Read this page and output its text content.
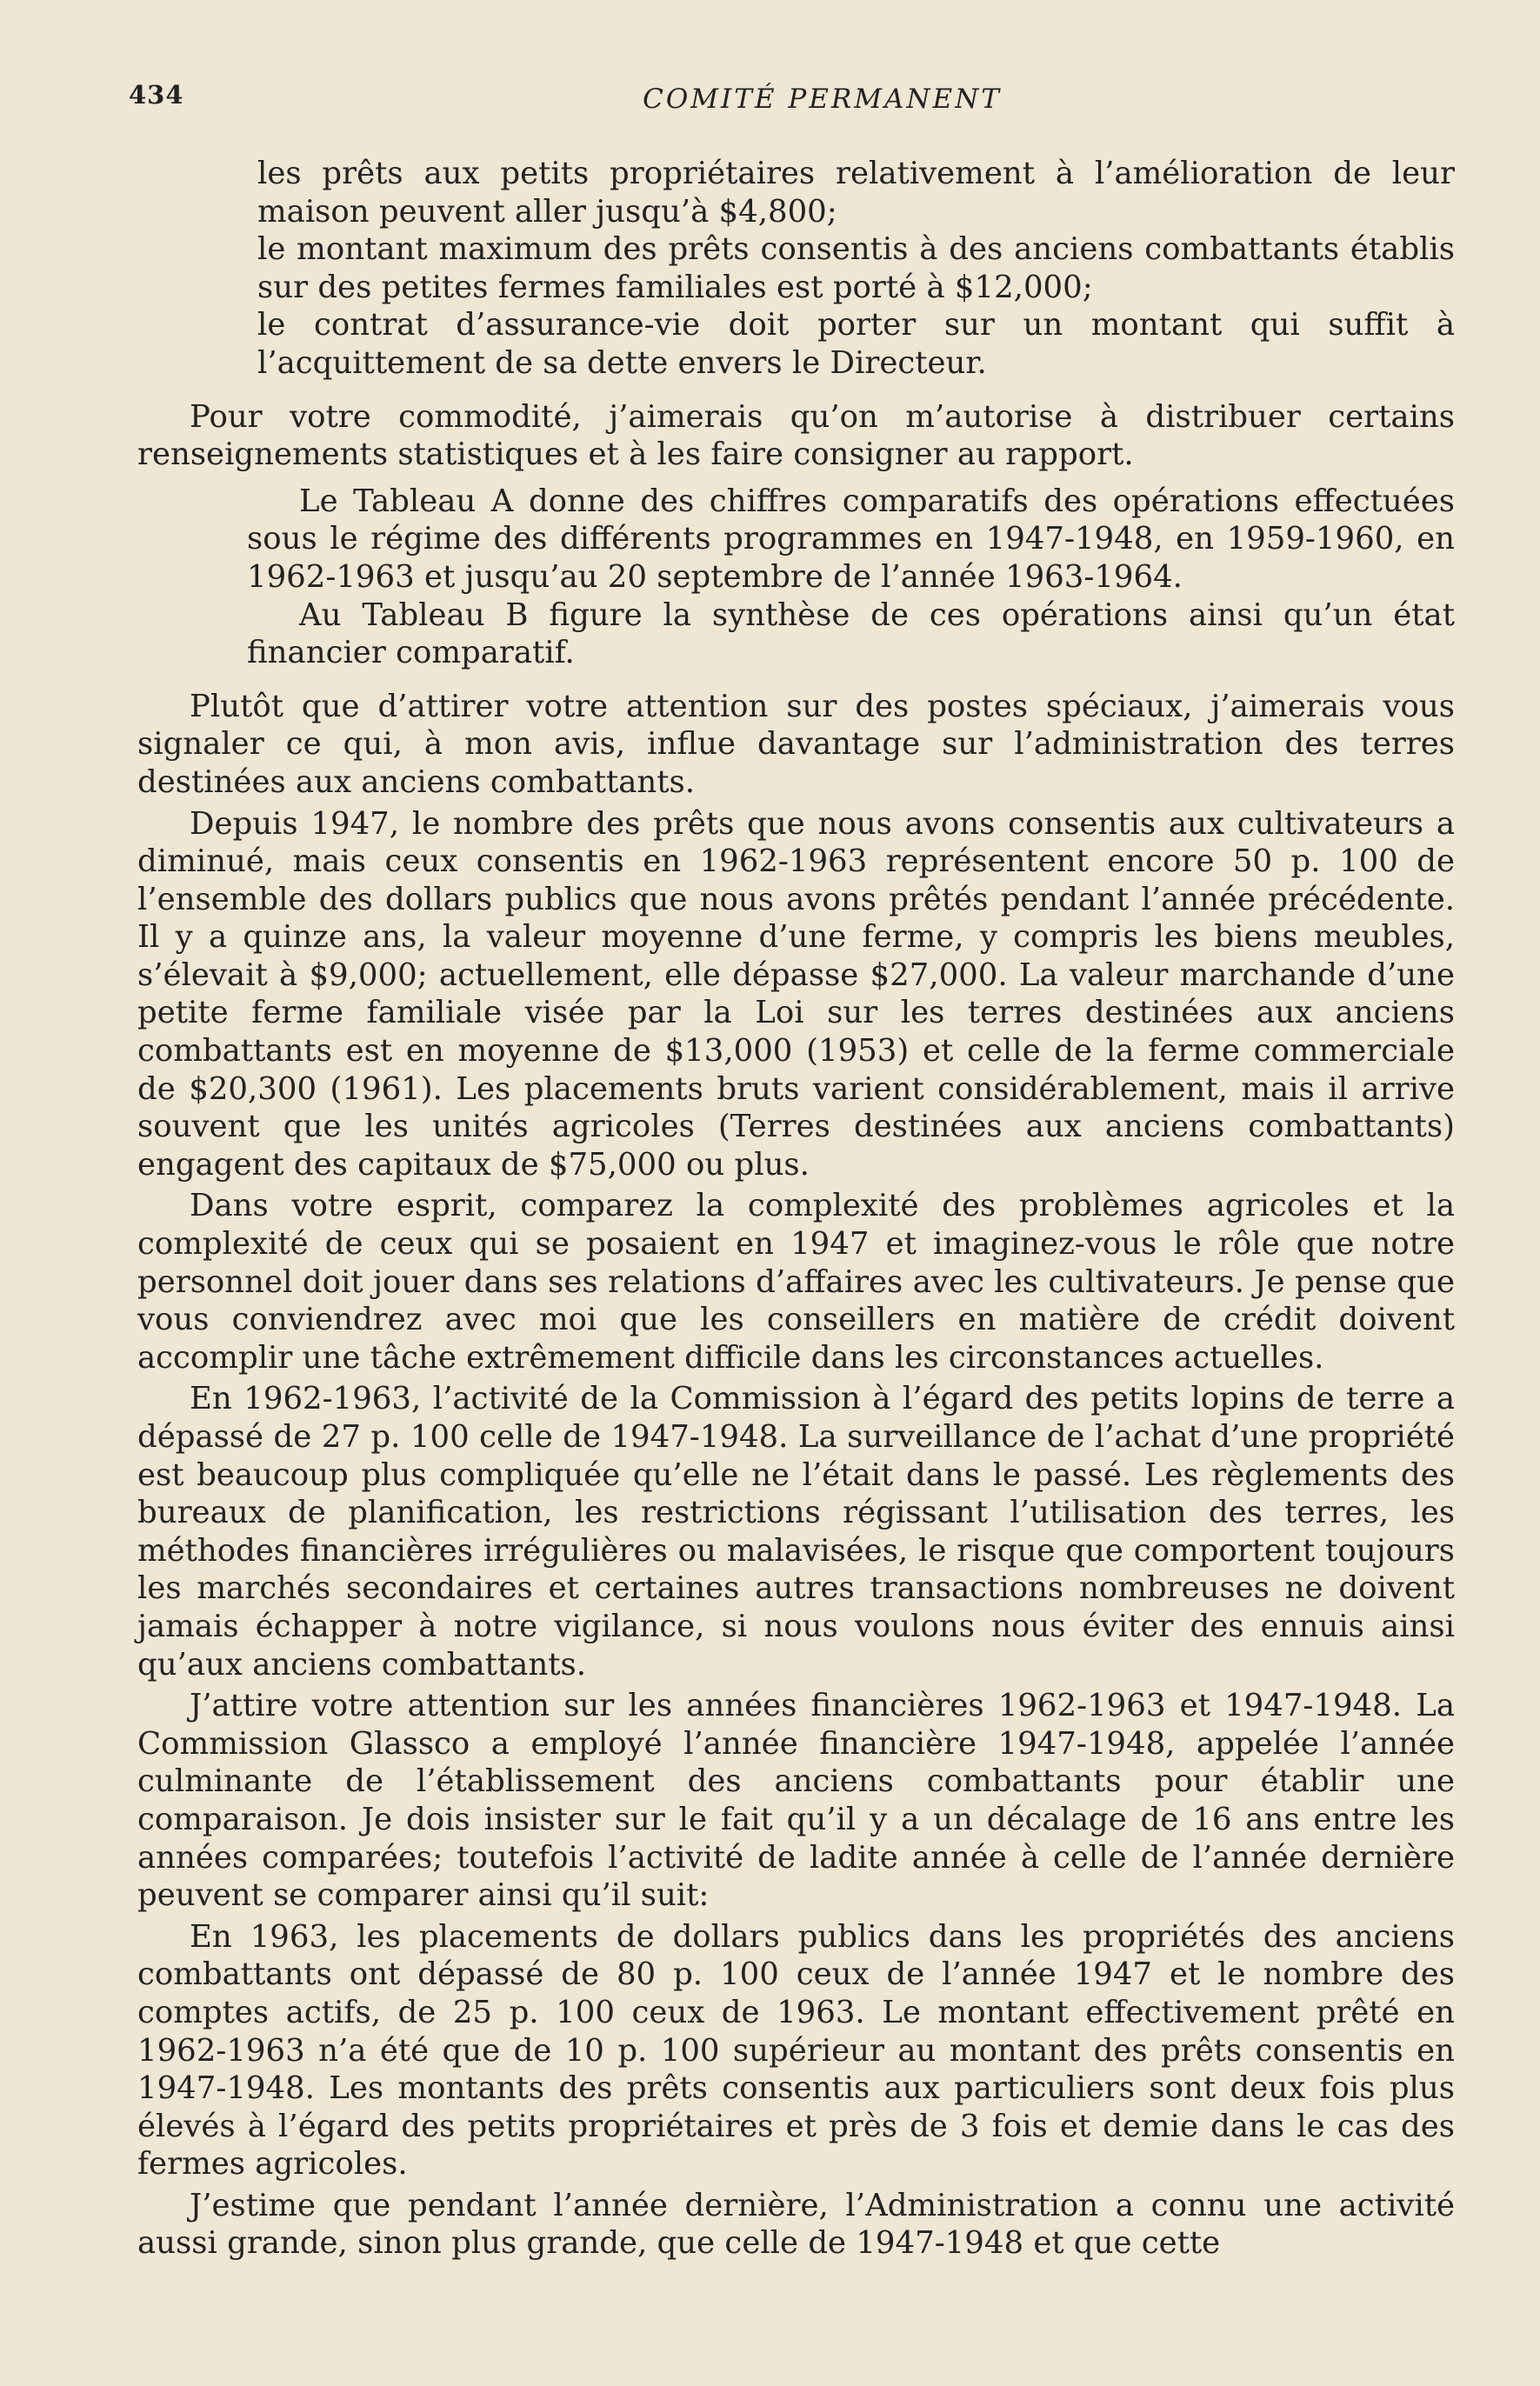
434	COMITÉ PERMANENT

les prêts aux petits propriétaires relativement à l’amélioration de leur maison peuvent aller jusqu’à $4,800;

le montant maximum des prêts consentis à des anciens combattants établis sur des petites fermes familiales est porté à $12,000;

le contrat d’assurance-vie doit porter sur un montant qui suffit à l’acquittement de sa dette envers le Directeur.

Pour votre commodité, j’aimerais qu’on m’autorise à distribuer certains renseignements statistiques et à les faire consigner au rapport.

Le Tableau A donne des chiffres comparatifs des opérations effectuées sous le régime des différents programmes en 1947-1948, en 1959-1960, en 1962-1963 et jusqu’au 20 septembre de l’année 1963-1964.

Au Tableau B figure la synthèse de ces opérations ainsi qu’un état financier comparatif.

Plutôt que d’attirer votre attention sur des postes spéciaux, j’aimerais vous signaler ce qui, à mon avis, influe davantage sur l’administration des terres destinées aux anciens combattants.

Depuis 1947, le nombre des prêts que nous avons consentis aux cultivateurs a diminué, mais ceux consentis en 1962-1963 représentent encore 50 p. 100 de l’ensemble des dollars publics que nous avons prêtés pendant l’année précédente. Il y a quinze ans, la valeur moyenne d’une ferme, y compris les biens meubles, s’élevait à $9,000; actuellement, elle dépasse $27,000. La valeur marchande d’une petite ferme familiale visée par la Loi sur les terres destinées aux anciens combattants est en moyenne de $13,000 (1953) et celle de la ferme commerciale de $20,300 (1961). Les placements bruts varient considérablement, mais il arrive souvent que les unités agricoles (Terres destinées aux anciens combattants) engagent des capitaux de $75,000 ou plus.

Dans votre esprit, comparez la complexité des problèmes agricoles et la complexité de ceux qui se posaient en 1947 et imaginez-vous le rôle que notre personnel doit jouer dans ses relations d’affaires avec les cultivateurs. Je pense que vous conviendrez avec moi que les conseillers en matière de crédit doivent accomplir une tâche extrêmement difficile dans les circonstances actuelles.

En 1962-1963, l’activité de la Commission à l’égard des petits lopins de terre a dépassé de 27 p. 100 celle de 1947-1948. La surveillance de l’achat d’une propriété est beaucoup plus compliquée qu’elle ne l’était dans le passé. Les règlements des bureaux de planification, les restrictions régissant l’utilisation des terres, les méthodes financières irrégulières ou malavisées, le risque que comportent toujours les marchés secondaires et certaines autres transactions nombreuses ne doivent jamais échapper à notre vigilance, si nous voulons nous éviter des ennuis ainsi qu’aux anciens combattants.

J’attire votre attention sur les années financières 1962-1963 et 1947-1948. La Commission Glassco a employé l’année financière 1947-1948, appelée l’année culminante de l’établissement des anciens combattants pour établir une comparaison. Je dois insister sur le fait qu’il y a un décalage de 16 ans entre les années comparées; toutefois l’activité de ladite année à celle de l’année dernière peuvent se comparer ainsi qu’il suit:

En 1963, les placements de dollars publics dans les propriétés des anciens combattants ont dépassé de 80 p. 100 ceux de l’année 1947 et le nombre des comptes actifs, de 25 p. 100 ceux de 1963. Le montant effectivement prêté en 1962-1963 n’a été que de 10 p. 100 supérieur au montant des prêts consentis en 1947-1948. Les montants des prêts consentis aux particuliers sont deux fois plus élevés à l’égard des petits propriétaires et près de 3 fois et demie dans le cas des fermes agricoles.

J’estime que pendant l’année dernière, l’Administration a connu une activité aussi grande, sinon plus grande, que celle de 1947-1948 et que cette
